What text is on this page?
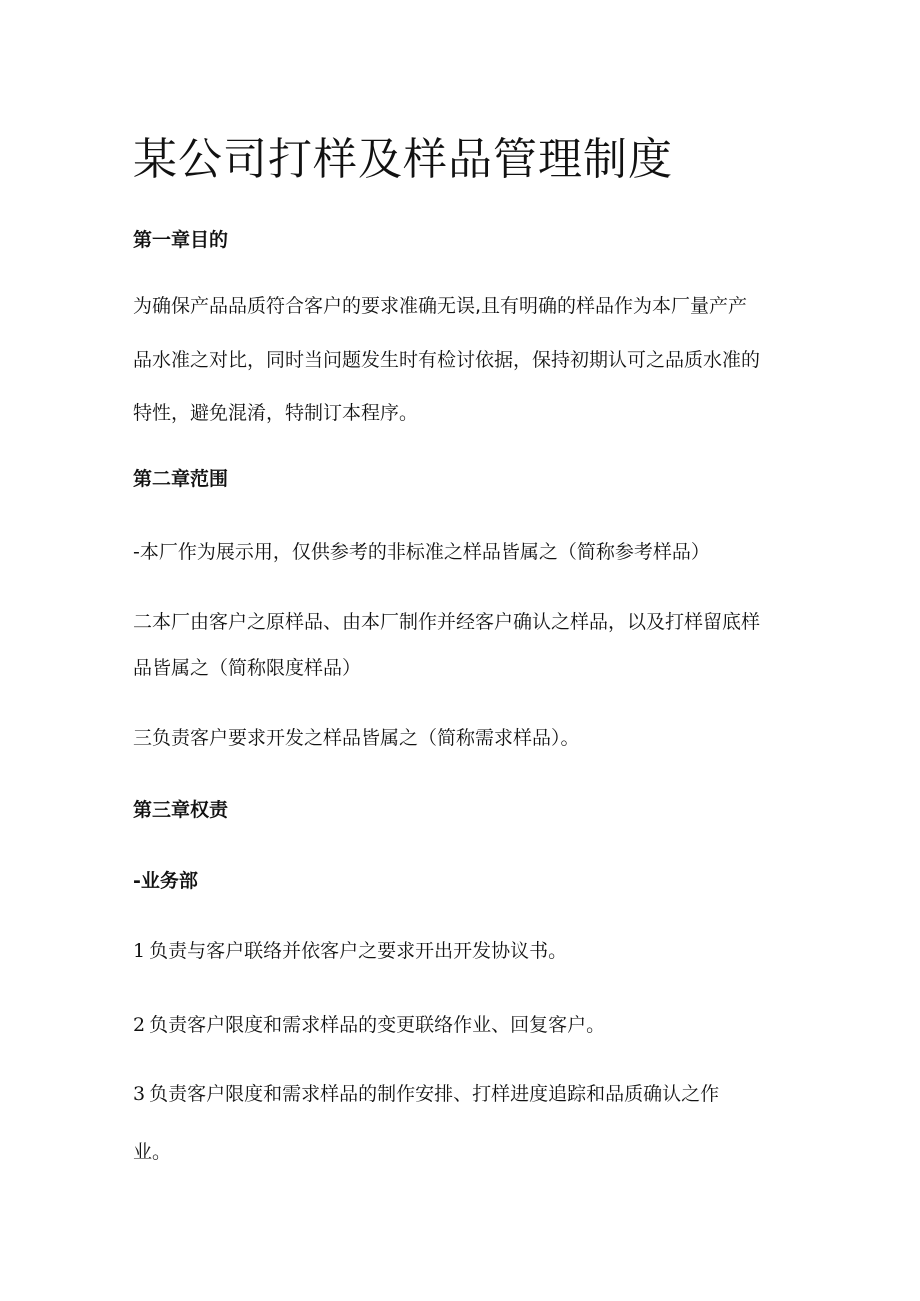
某公司打样及样品管理制度
第一章目的

为确保产品品质符合客户的要求准确无误,且有明确的样品作为本厂量产产

品水准之对比，同时当问题发生时有检讨依据，保持初期认可之品质水准的

特性，避免混淆，特制订本程序。

第二章范围

-本厂作为展示用，仅供参考的非标准之样品皆属之（简称参考样品）

二本厂由客户之原样品、由本厂制作并经客户确认之样品，以及打样留底样

品皆属之（简称限度样品）

三负责客户要求开发之样品皆属之（简称需求样品）。

第三章权责
-业务部

1 负责与客户联络并依客户之要求开出开发协议书。

2 负责客户限度和需求样品的变更联络作业、回复客户。

3 负责客户限度和需求样品的制作安排、打样进度追踪和品质确认之作

业。
